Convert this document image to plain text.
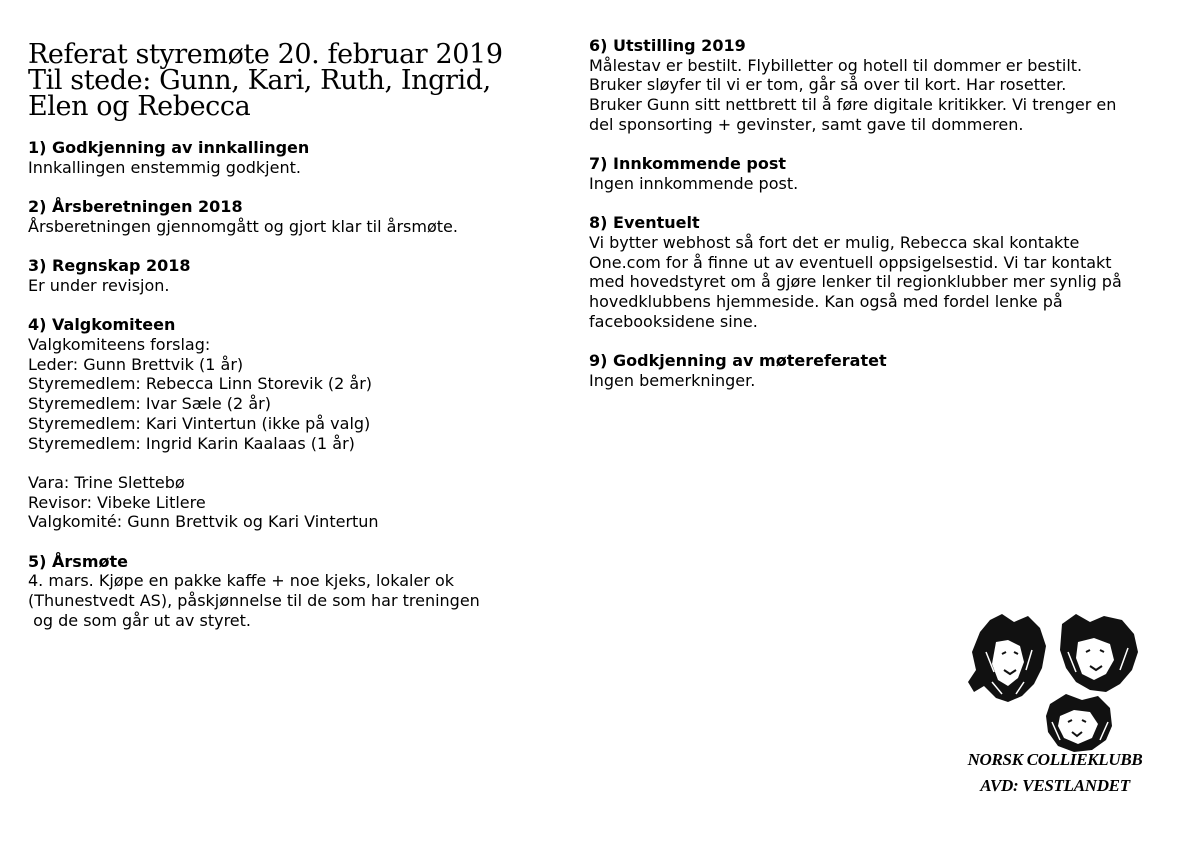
Referat styremøte 20. februar 2019
Til stede: Gunn, Kari, Ruth, Ingrid,
Elen og Rebecca

1) Godkjenning av innkallingen

Innkallingen enstemmig godkjent.

2) Årsberetningen 2018

Årsberetningen gjennomgått og gjort klar til årsmøte.

3) Regnskap 2018

Er under revisjon.

4) Valgkomiteen

Valgkomiteens forslag:

Leder: Gunn Brettvik (1 år)

Styremedlem: Rebecca Linn Storevik (2 år)

Styremedlem: Ivar Sæle (2 år)

Styremedlem: Kari Vintertun (ikke på valg)

Styremedlem: Ingrid Karin Kaalaas (1 år)

Vara: Trine Slettebø

Revisor: Vibeke Litlere

Valgkomité: Gunn Brettvik og Kari Vintertun

5) Årsmøte

4. mars. Kjøpe en pakke kaffe + noe kjeks, lokaler ok

(Thunestvedt AS), påskjønnelse til de som har treningen

og de som går ut av styret.

6) Utstilling 2019

Målestav er bestilt. Flybilletter og hotell til dommer er bestilt.

Bruker sløyfer til vi er tom, går så over til kort. Har rosetter.

Bruker Gunn sitt nettbrett til å føre digitale kritikker. Vi trenger en

del sponsorting + gevinster, samt gave til dommeren.

7) Innkommende post

Ingen innkommende post.

8) Eventuelt

Vi bytter webhost så fort det er mulig, Rebecca skal kontakte

One.com for å finne ut av eventuell oppsigelsestid. Vi tar kontakt

med hovedstyret om å gjøre lenker til regionklubber mer synlig på

hovedklubbens hjemmeside. Kan også med fordel lenke på

facebooksidene sine.

9) Godkjenning av møtereferatet

Ingen bemerkninger.

NORSK COLLIEKLUBB
AVD: VESTLANDET
